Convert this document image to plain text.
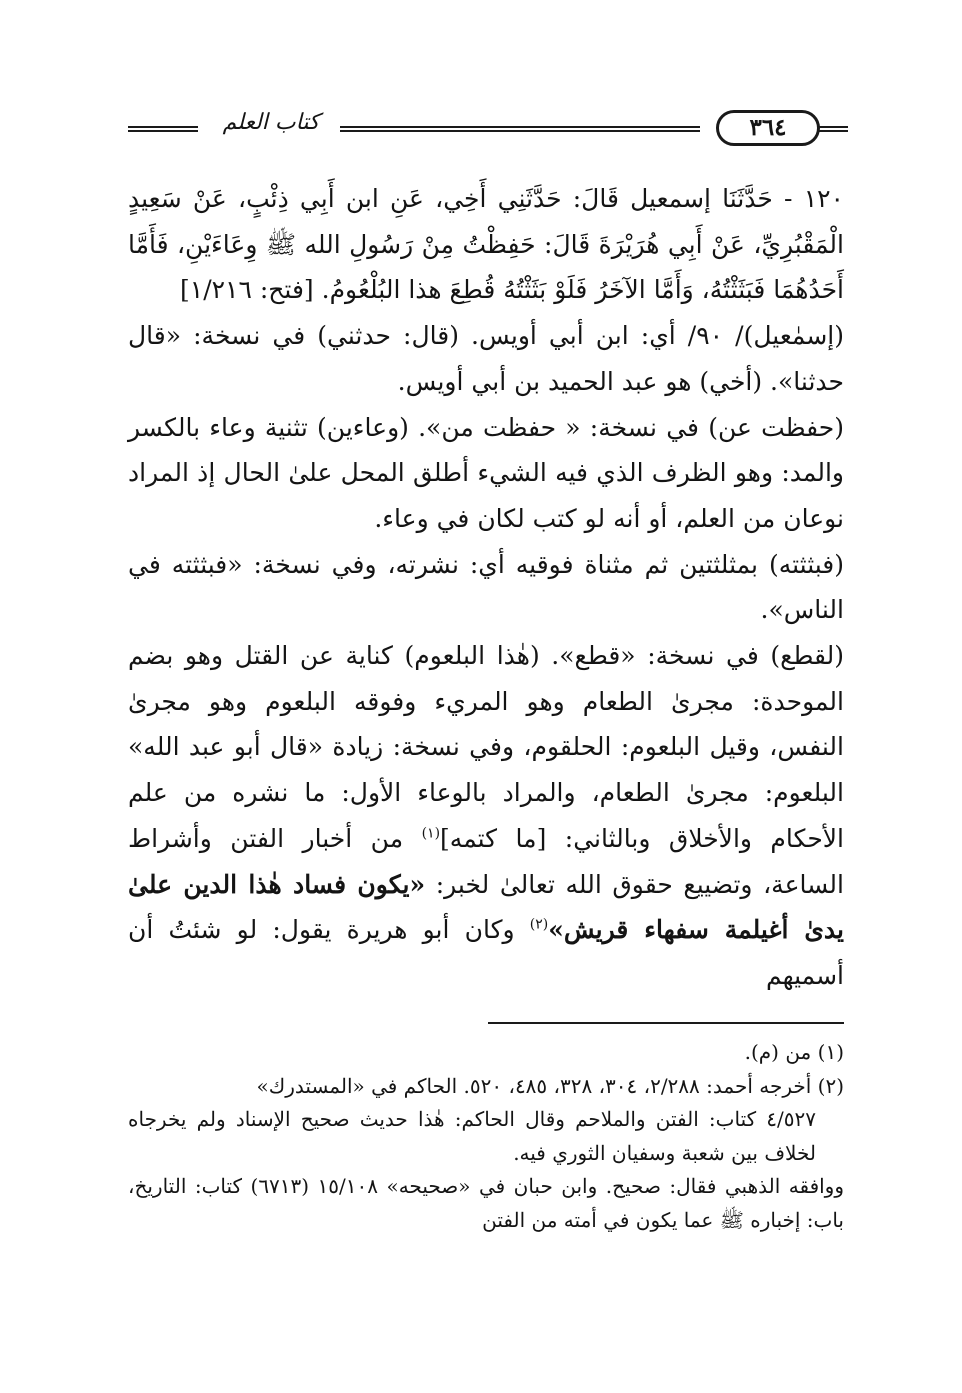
كتاب العلم	٣٦٤

١٢٠ - حَدَّثَنَا إسمعيل قَالَ: حَدَّثَنِي أَخِي، عَنِ ابن أَبِي ذِئْبٍ، عَنْ سَعِيدٍ الْمَقْبُرِيِّ، عَنْ أَبِي هُرَيْرَةَ قَالَ: حَفِظْتُ مِنْ رَسُولِ الله ﷺ وِعَاءَيْنِ، فَأَمَّا أَحَدُهُمَا فَبَثَثْتُهُ، وَأَمَّا الآخَرُ فَلَوْ بَثَثْتُهُ قُطِعَ هذا البُلْعُومُ. [فتح: ١/٢١٦]

(إسمٰعيل)/ ٩٠/ أي: ابن أبي أويس. (قال: حدثني) في نسخة: «قال حدثنا». (أخي) هو عبد الحميد بن أبي أويس.

(حفظت عن) في نسخة: « حفظت من». (وعاءين) تثنية وعاء بالكسر والمد: وهو الظرف الذي فيه الشيء أطلق المحل علىٰ الحال إذ المراد نوعان من العلم، أو أنه لو كتب لكان في وعاء.

(فبثثته) بمثلثتين ثم مثناة فوقيه أي: نشرته، وفي نسخة: «فبثثته في الناس».

(لقطع) في نسخة: «قطع». (هٰذا البلعوم) كناية عن القتل وهو بضم الموحدة: مجرىٰ الطعام وهو المريء وفوقه البلعوم وهو مجرىٰ النفس، وقيل البلعوم: الحلقوم، وفي نسخة: زيادة «قال أبو عبد الله» البلعوم: مجرىٰ الطعام، والمراد بالوعاء الأول: ما نشره من علم الأحكام والأخلاق وبالثاني: [ما كتمه]$^{(١)}$ من أخبار الفتن وأشراط الساعة، وتضييع حقوق الله تعالىٰ لخبر: «يكون فساد هٰذا الدين علىٰ يدىٰ أغيلمة سفهاء قريش»$^{(٢)}$ وكان أبو هريرة يقول: لو شئتُ أن أسميهم

(١) من (م).

(٢) أخرجه أحمد: ٢/٢٨٨، ٣٠٤، ٣٢٨، ٤٨٥، ٥٢٠. الحاكم في «المستدرك»

٤/٥٢٧ كتاب: الفتن والملاحم وقال الحاكم: هٰذا حديث صحيح الإسناد ولم يخرجاه لخلاف بين شعبة وسفيان الثوري فيه.

ووافقه الذهبي فقال: صحيح. وابن حبان في «صحيحه» ١٥/١٠٨ (٦٧١٣) كتاب: التاريخ، باب: إخباره ﷺ عما يكون في أمته من الفتن
